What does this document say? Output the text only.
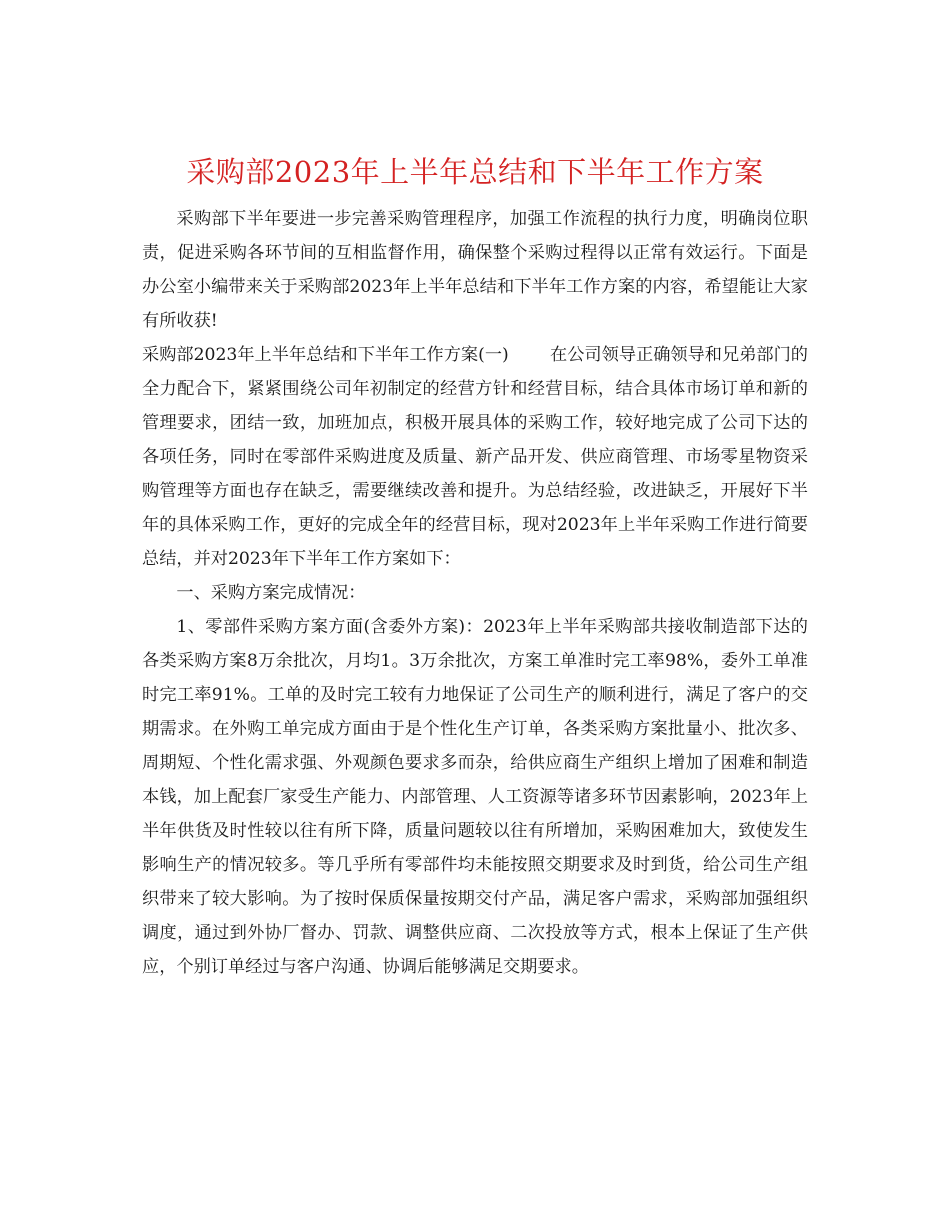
采购部2023年上半年总结和下半年工作方案

采购部下半年要进一步完善采购管理程序，加强工作流程的执行力度，明确岗位职责，促进采购各环节间的互相监督作用，确保整个采购过程得以正常有效运行。下面是办公室小编带来关于采购部2023年上半年总结和下半年工作方案的内容，希望能让大家有所收获!

采购部2023年上半年总结和下半年工作方案(一) 在公司领导正确领导和兄弟部门的全力配合下，紧紧围绕公司年初制定的经营方针和经营目标，结合具体市场订单和新的管理要求，团结一致，加班加点，积极开展具体的采购工作，较好地完成了公司下达的各项任务，同时在零部件采购进度及质量、新产品开发、供应商管理、市场零星物资采购管理等方面也存在缺乏，需要继续改善和提升。为总结经验，改进缺乏，开展好下半年的具体采购工作，更好的完成全年的经营目标，现对2023年上半年采购工作进行简要总结，并对2023年下半年工作方案如下：

一、采购方案完成情况：

1、零部件采购方案方面(含委外方案)：2023年上半年采购部共接收制造部下达的各类采购方案8万余批次，月均1。3万余批次，方案工单准时完工率98%，委外工单准时完工率91%。工单的及时完工较有力地保证了公司生产的顺利进行，满足了客户的交期需求。在外购工单完成方面由于是个性化生产订单，各类采购方案批量小、批次多、周期短、个性化需求强、外观颜色要求多而杂，给供应商生产组织上增加了困难和制造本钱，加上配套厂家受生产能力、内部管理、人工资源等诸多环节因素影响，2023年上半年供货及时性较以往有所下降，质量问题较以往有所增加，采购困难加大，致使发生影响生产的情况较多。等几乎所有零部件均未能按照交期要求及时到货，给公司生产组织带来了较大影响。为了按时保质保量按期交付产品，满足客户需求，采购部加强组织调度，通过到外协厂督办、罚款、调整供应商、二次投放等方式，根本上保证了生产供应，个别订单经过与客户沟通、协调后能够满足交期要求。
